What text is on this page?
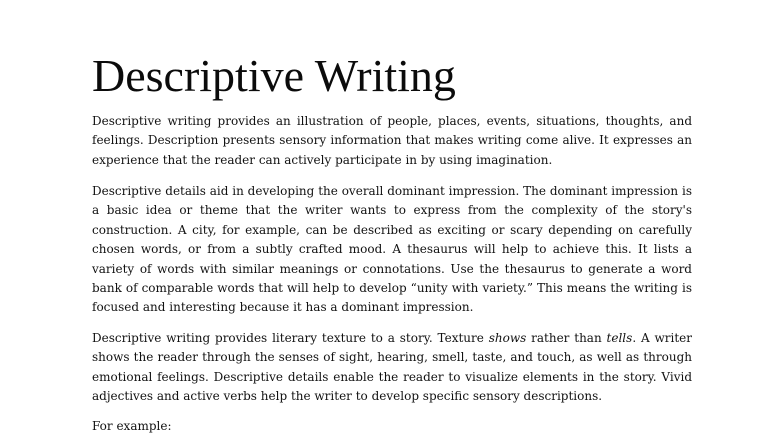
Descriptive Writing

Descriptive writing provides an illustration of people, places, events, situations, thoughts, and feelings. Description presents sensory information that makes writing come alive. It expresses an experience that the reader can actively participate in by using imagination.

Descriptive details aid in developing the overall dominant impression. The dominant impression is a basic idea or theme that the writer wants to express from the complexity of the story's construction. A city, for example, can be described as exciting or scary depending on carefully chosen words, or from a subtly crafted mood. A thesaurus will help to achieve this. It lists a variety of words with similar meanings or connotations. Use the thesaurus to generate a word bank of comparable words that will help to develop “unity with variety.” This means the writing is focused and interesting because it has a dominant impression.

Descriptive writing provides literary texture to a story. Texture shows rather than tells. A writer shows the reader through the senses of sight, hearing, smell, taste, and touch, as well as through emotional feelings. Descriptive details enable the reader to visualize elements in the story. Vivid adjectives and active verbs help the writer to develop specific sensory descriptions.

For example:
